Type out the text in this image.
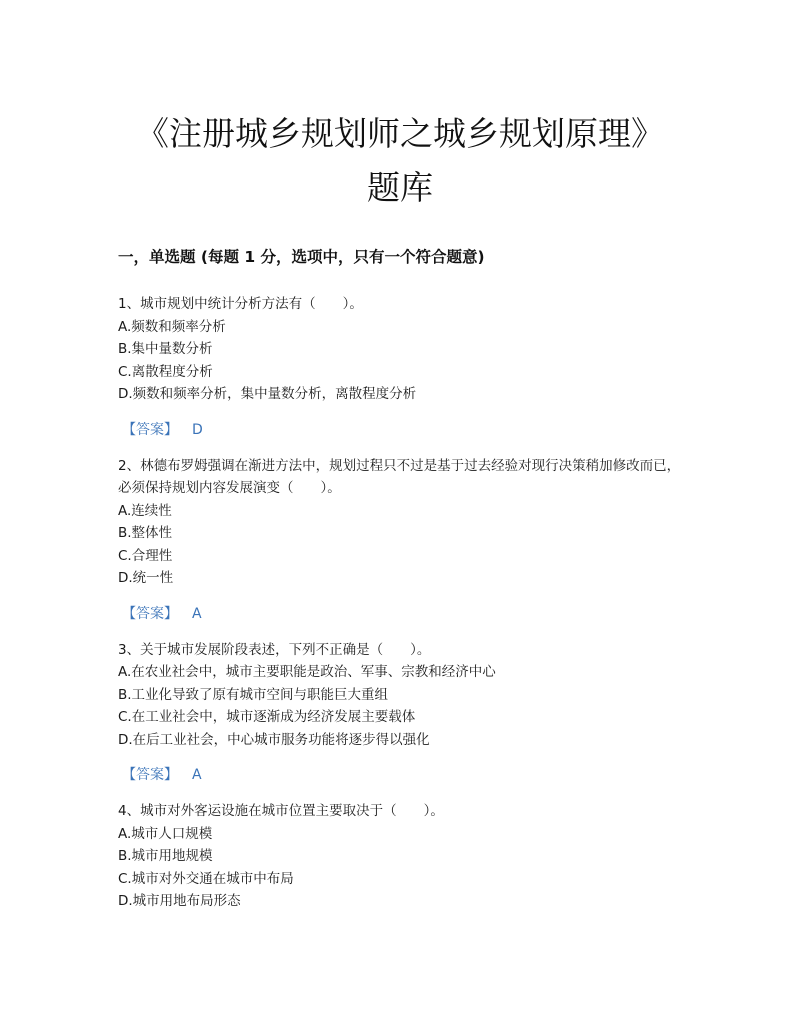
《注册城乡规划师之城乡规划原理》
题库
一，单选题 (每题 1 分，选项中，只有一个符合题意)

1、城市规划中统计分析方法有（　　）。

A.频数和频率分析

B.集中量数分析

C.离散程度分析

D.频数和频率分析，集中量数分析，离散程度分析

【答案】 D

2、林德布罗姆强调在渐进方法中，规划过程只不过是基于过去经验对现行决策稍加修改而已，必须保持规划内容发展演变（　　）。

A.连续性

B.整体性

C.合理性

D.统一性

【答案】 A

3、关于城市发展阶段表述，下列不正确是（　　）。

A.在农业社会中，城市主要职能是政治、军事、宗教和经济中心

B.工业化导致了原有城市空间与职能巨大重组

C.在工业社会中，城市逐渐成为经济发展主要载体

D.在后工业社会，中心城市服务功能将逐步得以强化

【答案】 A

4、城市对外客运设施在城市位置主要取决于（　　）。

A.城市人口规模

B.城市用地规模

C.城市对外交通在城市中布局

D.城市用地布局形态
